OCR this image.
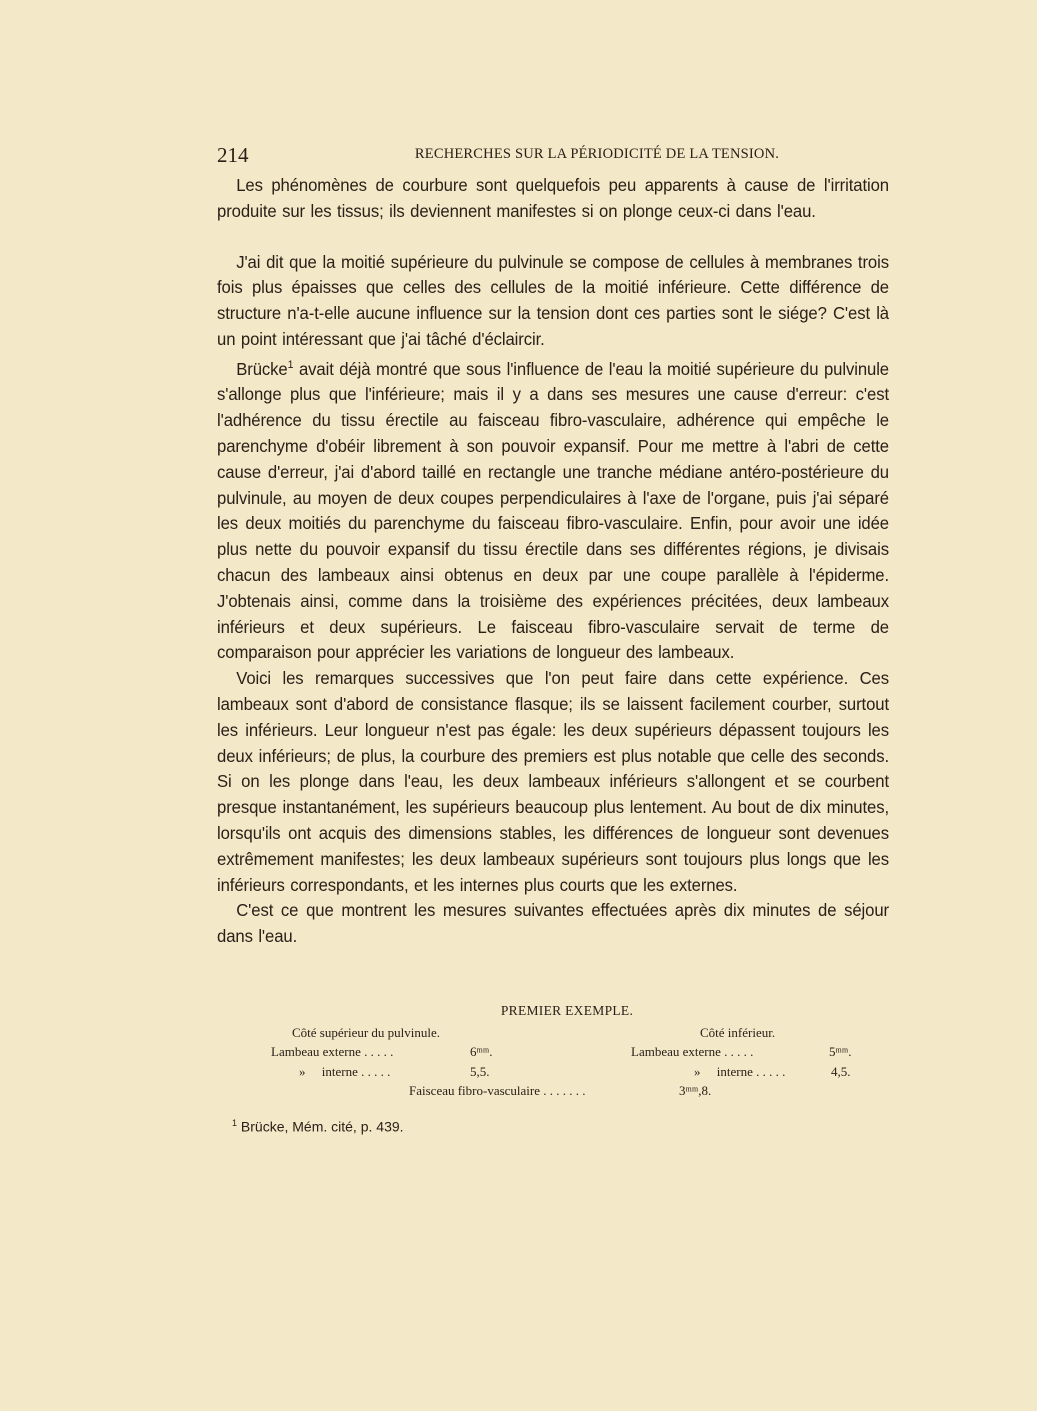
214	RECHERCHES SUR LA PÉRIODICITÉ DE LA TENSION.

Les phénomènes de courbure sont quelquefois peu apparents à cause de l'irritation produite sur les tissus; ils deviennent manifestes si on plonge ceux-ci dans l'eau.

J'ai dit que la moitié supérieure du pulvinule se compose de cellules à membranes trois fois plus épaisses que celles des cellules de la moitié inférieure. Cette différence de structure n'a-t-elle aucune influence sur la tension dont ces parties sont le siége? C'est là un point intéressant que j'ai tâché d'éclaircir.

Brücke$^1$ avait déjà montré que sous l'influence de l'eau la moitié supérieure du pulvinule s'allonge plus que l'inférieure; mais il y a dans ses mesures une cause d'erreur: c'est l'adhérence du tissu érectile au faisceau fibro-vasculaire, adhérence qui empêche le parenchyme d'obéir librement à son pouvoir expansif. Pour me mettre à l'abri de cette cause d'erreur, j'ai d'abord taillé en rectangle une tranche médiane antéro-postérieure du pulvinule, au moyen de deux coupes perpendiculaires à l'axe de l'organe, puis j'ai séparé les deux moitiés du parenchyme du faisceau fibro-vasculaire. Enfin, pour avoir une idée plus nette du pouvoir expansif du tissu érectile dans ses différentes régions, je divisais chacun des lambeaux ainsi obtenus en deux par une coupe parallèle à l'épiderme. J'obtenais ainsi, comme dans la troisième des expériences précitées, deux lambeaux inférieurs et deux supérieurs. Le faisceau fibro-vasculaire servait de terme de comparaison pour apprécier les variations de longueur des lambeaux.

Voici les remarques successives que l'on peut faire dans cette expérience. Ces lambeaux sont d'abord de consistance flasque; ils se laissent facilement courber, surtout les inférieurs. Leur longueur n'est pas égale: les deux supérieurs dépassent toujours les deux inférieurs; de plus, la courbure des premiers est plus notable que celle des seconds. Si on les plonge dans l'eau, les deux lambeaux inférieurs s'allongent et se courbent presque instantanément, les supérieurs beaucoup plus lentement. Au bout de dix minutes, lorsqu'ils ont acquis des dimensions stables, les différences de longueur sont devenues extrêmement manifestes; les deux lambeaux supérieurs sont toujours plus longs que les inférieurs correspondants, et les internes plus courts que les externes.

C'est ce que montrent les mesures suivantes effectuées après dix minutes de séjour dans l'eau.

PREMIER EXEMPLE.
Côté supérieur du pulvinule.	Côté inférieur.
Lambeau externe . . . . .	6ᵐᵐ.	Lambeau externe . . . . .	5ᵐᵐ.
»     interne . . . . .	5,5.	»     interne . . . . .	4,5.
Faisceau fibro-vasculaire . . . . . . .	3ᵐᵐ,8.
$^1$ Brücke, Mém. cité, p. 439.
